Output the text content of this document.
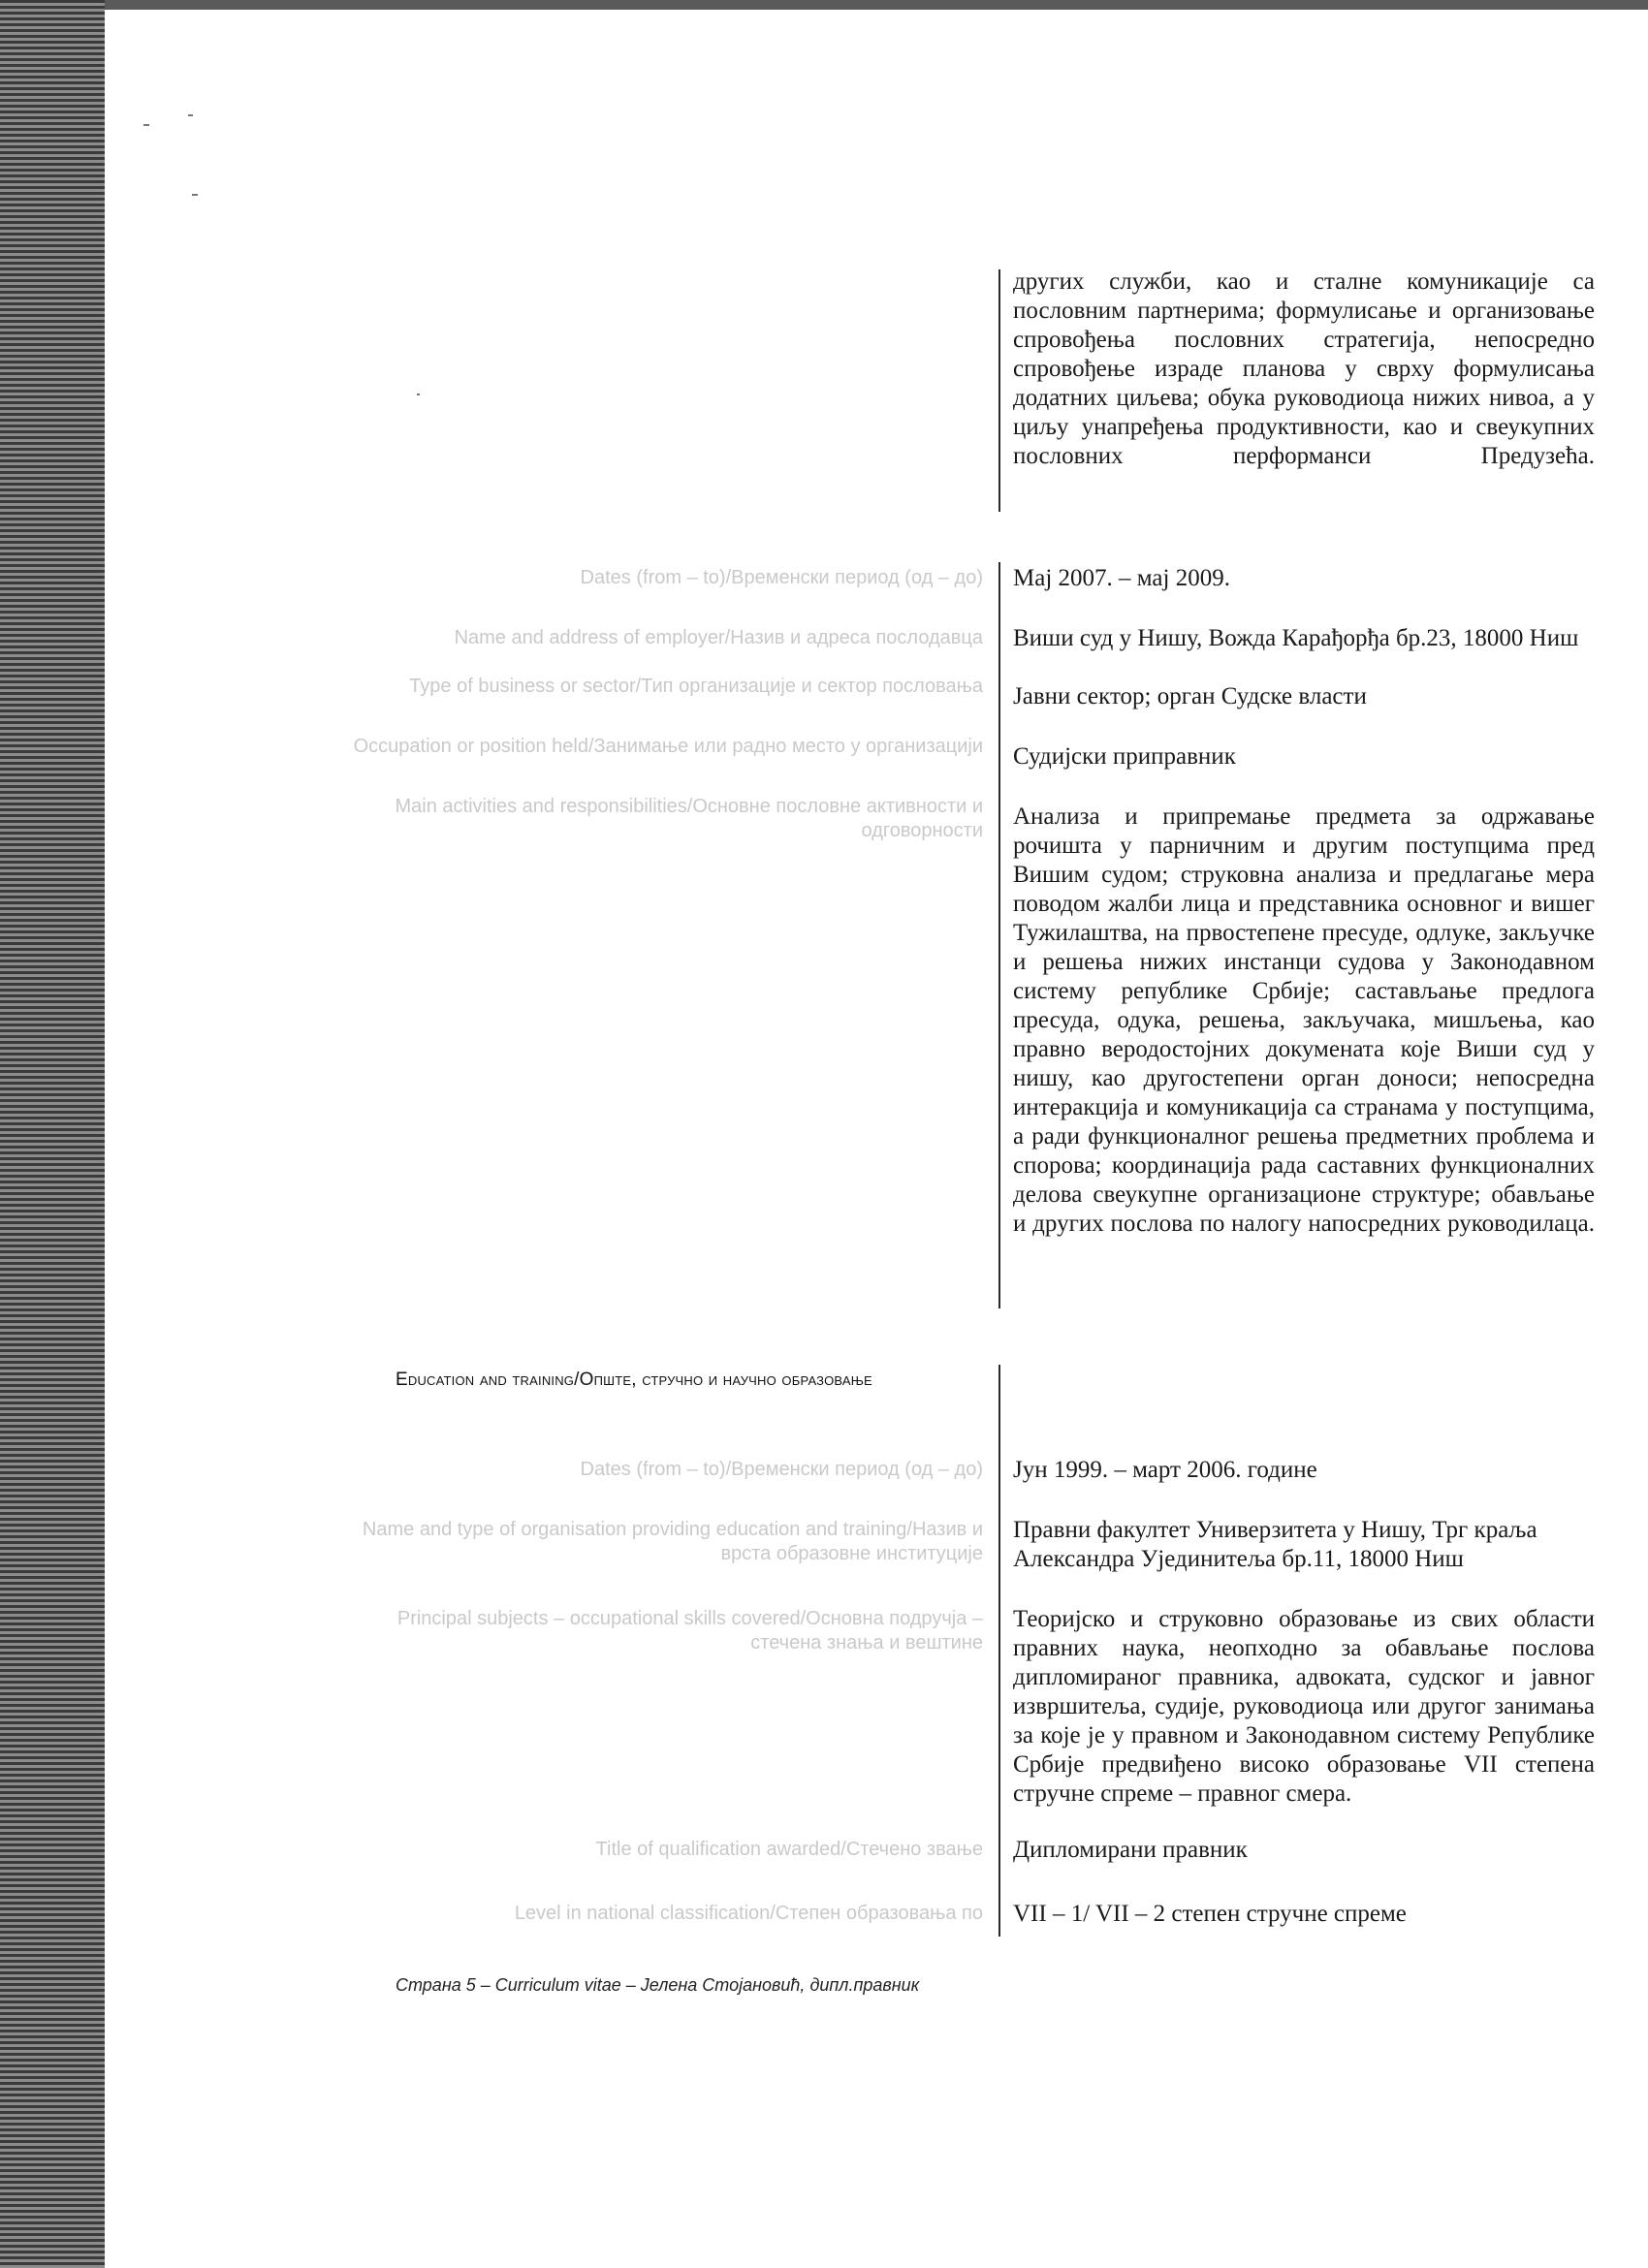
других служби, као и сталне комуникације са пословним партнерима; формулисање и организовање спровођења пословних стратегија, непосредно спровођење израде планова у сврху формулисања додатних циљева; обука руководиоца нижих нивоа, а у циљу унапређења продуктивности, као и свеукупних пословних перформанси Предузећа.
Dates (from – to)/Временски период (од – до) Мај 2007. – мај 2009.
Name and address of employer/Назив и адреса послодавца Виши суд у Нишу, Вожда Карађорђа бр.23, 18000 Ниш
Type of business or sector/Тип организације и сектор пословања Јавни сектор; орган Судске власти
Occupation or position held/Занимање или радно место у организацији Судијски приправник
Main activities and responsibilities/Основне пословне активности и одговорности
Анализа и припремање предмета за одржавање рочишта у парничним и другим поступцима пред Вишим судом; струковна анализа и предлагање мера поводом жалби лица и представника основног и вишег Тужилаштва, на првостепене пресуде, одлуке, закључке и решења нижих инстанци судова у Законодавном систему републике Србије; састављање предлога пресуда, одука, решења, закључака, мишљења, као правно веродостојних докумената које Виши суд у нишу, као другостепени орган доноси; непосредна интеракција и комуникација са странама у поступцима, а ради функционалног решења предметних проблема и спорова; координација рада саставних функционалних делова свеукупне организационе структуре; обављање и других послова по налогу напосредних руководилаца.
Education and training/Опште, стручно и научно образовање
Dates (from – to)/Временски период (од – до) Јун 1999. – март 2006. године
Name and type of organisation providing education and training/Назив и врста образовне институције
Правни факултет Универзитета у Нишу, Трг краља Александра Ујединитеља бр.11, 18000 Ниш
Principal subjects – occupational skills covered/Основна подручја – стечена знања и вештине
Теоријско и струковно образовање из свих области правних наука, неопходно за обављање послова дипломираног правника, адвоката, судског и јавног извршитеља, судије, руководиоца или другог занимања за које је у правном и Законодавном систему Републике Србије предвиђено високо образовање VII степена стручне спреме – правног смера.
Title of qualification awarded/Стечено звање Дипломирани правник
Level in national classification/Степен образовања по VII – 1/ VII – 2 степен стручне спреме
Страна 5 – Curriculum vitae – Јелена Стојановић, дипл.правник
